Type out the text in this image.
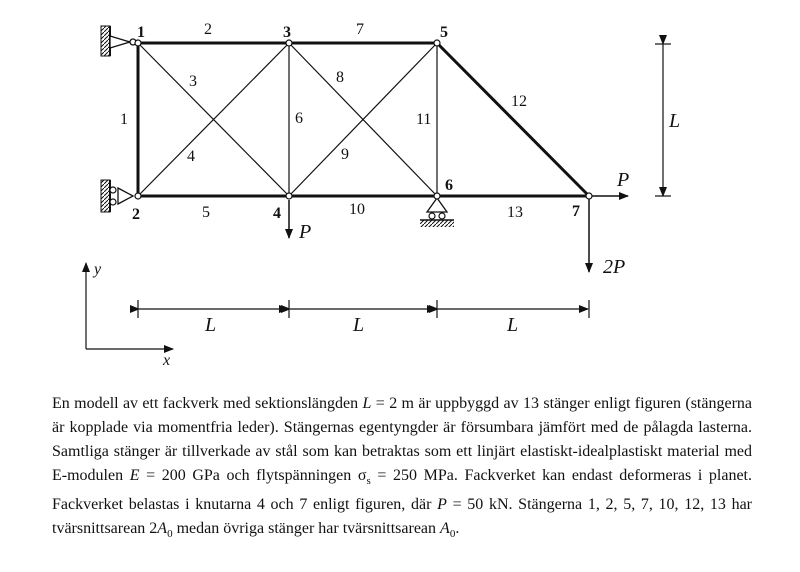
1
2
3
4
5
6
7
1
2
3
4
5
6
7
8
9
10
11
12
13
P
P
2P
L
L	L	L
y
x

En modell av ett fackverk med sektionslängden L = 2 m är uppbyggd av 13 stänger enligt figuren (stängerna är kopplade via momentfria leder). Stängernas egentyngder är försumbara jämfört med de pålagda lasterna. Samtliga stänger är tillverkade av stål som kan betraktas som ett linjärt elastiskt-idealplastiskt material med E-modulen E = 200 GPa och flytspänningen $\sigma_s = 250$ MPa. Fackverket kan endast deformeras i planet. Fackverket belastas i knutarna 4 och 7 enligt figuren, där P = 50 kN. Stängerna 1, 2, 5, 7, 10, 12, 13 har tvärsnittsarean $2A_0$ medan övriga stänger har tvärsnittsarean $A_0$.
